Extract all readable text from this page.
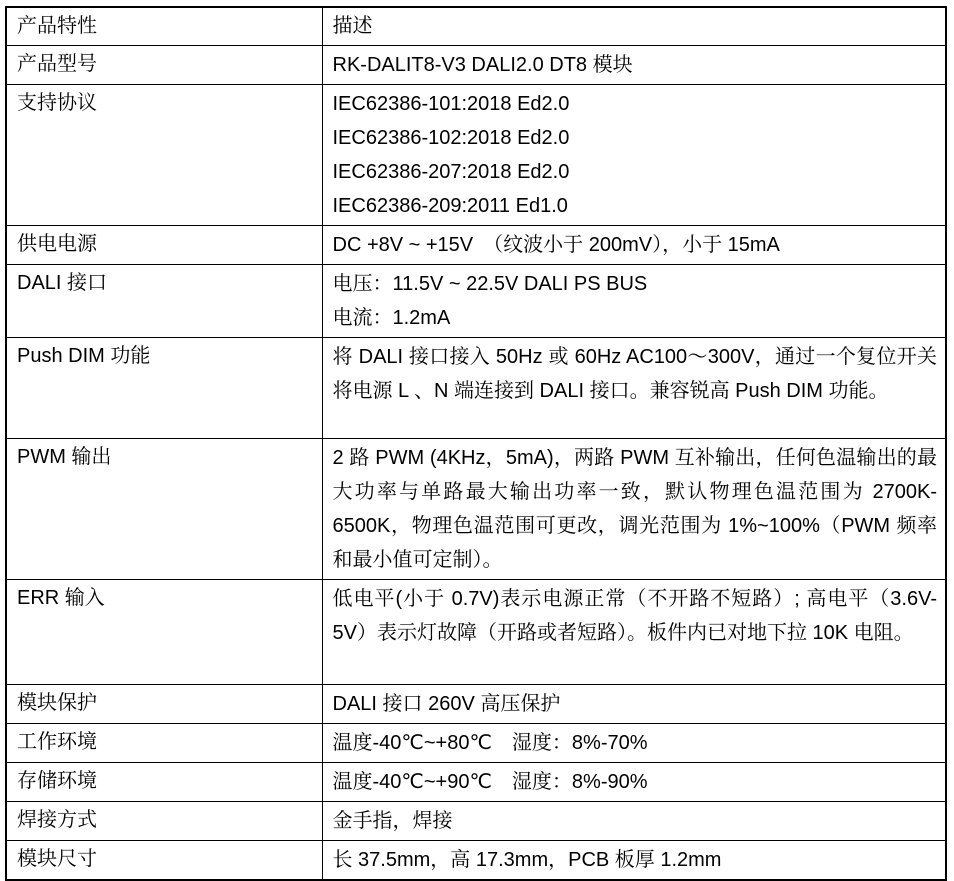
产品特性	描述
产品型号	RK-DALIT8-V3 DALI2.0 DT8 模块

支持协议	IEC62386-101:2018 Ed2.0
IEC62386-102:2018 Ed2.0
IEC62386-207:2018 Ed2.0
IEC62386-209:2011 Ed1.0

供电电源	DC +8V ~ +15V　（纹波小于 200mV），小于 15mA

DALI 接口	电压：11.5V ~ 22.5V DALI PS BUS
电流：1.2mA

Push DIM 功能	将 DALI 接口接入 50Hz 或 60Hz AC100～300V，通过一个复位开关将电源 L 、N 端连接到 DALI 接口。兼容锐高 Push DIM 功能。

PWM 输出	2 路 PWM (4KHz，5mA)，两路 PWM 互补输出，任何色温输出的最大功率与单路最大输出功率一致，默认物理色温范围为 2700K-6500K，物理色温范围可更改，调光范围为 1%~100%（PWM 频率和最小值可定制）。

ERR 输入	低电平(小于 0.7V)表示电源正常（不开路不短路）; 高电平（3.6V-5V）表示灯故障（开路或者短路）。板件内已对地下拉 10K 电阻。

模块保护	DALI 接口 260V 高压保护

工作环境	温度-40℃~+80℃　湿度：8%-70%

存储环境	温度-40℃~+90℃　湿度：8%-90%

焊接方式	金手指，焊接

模块尺寸	长 37.5mm，高 17.3mm，PCB 板厚 1.2mm
